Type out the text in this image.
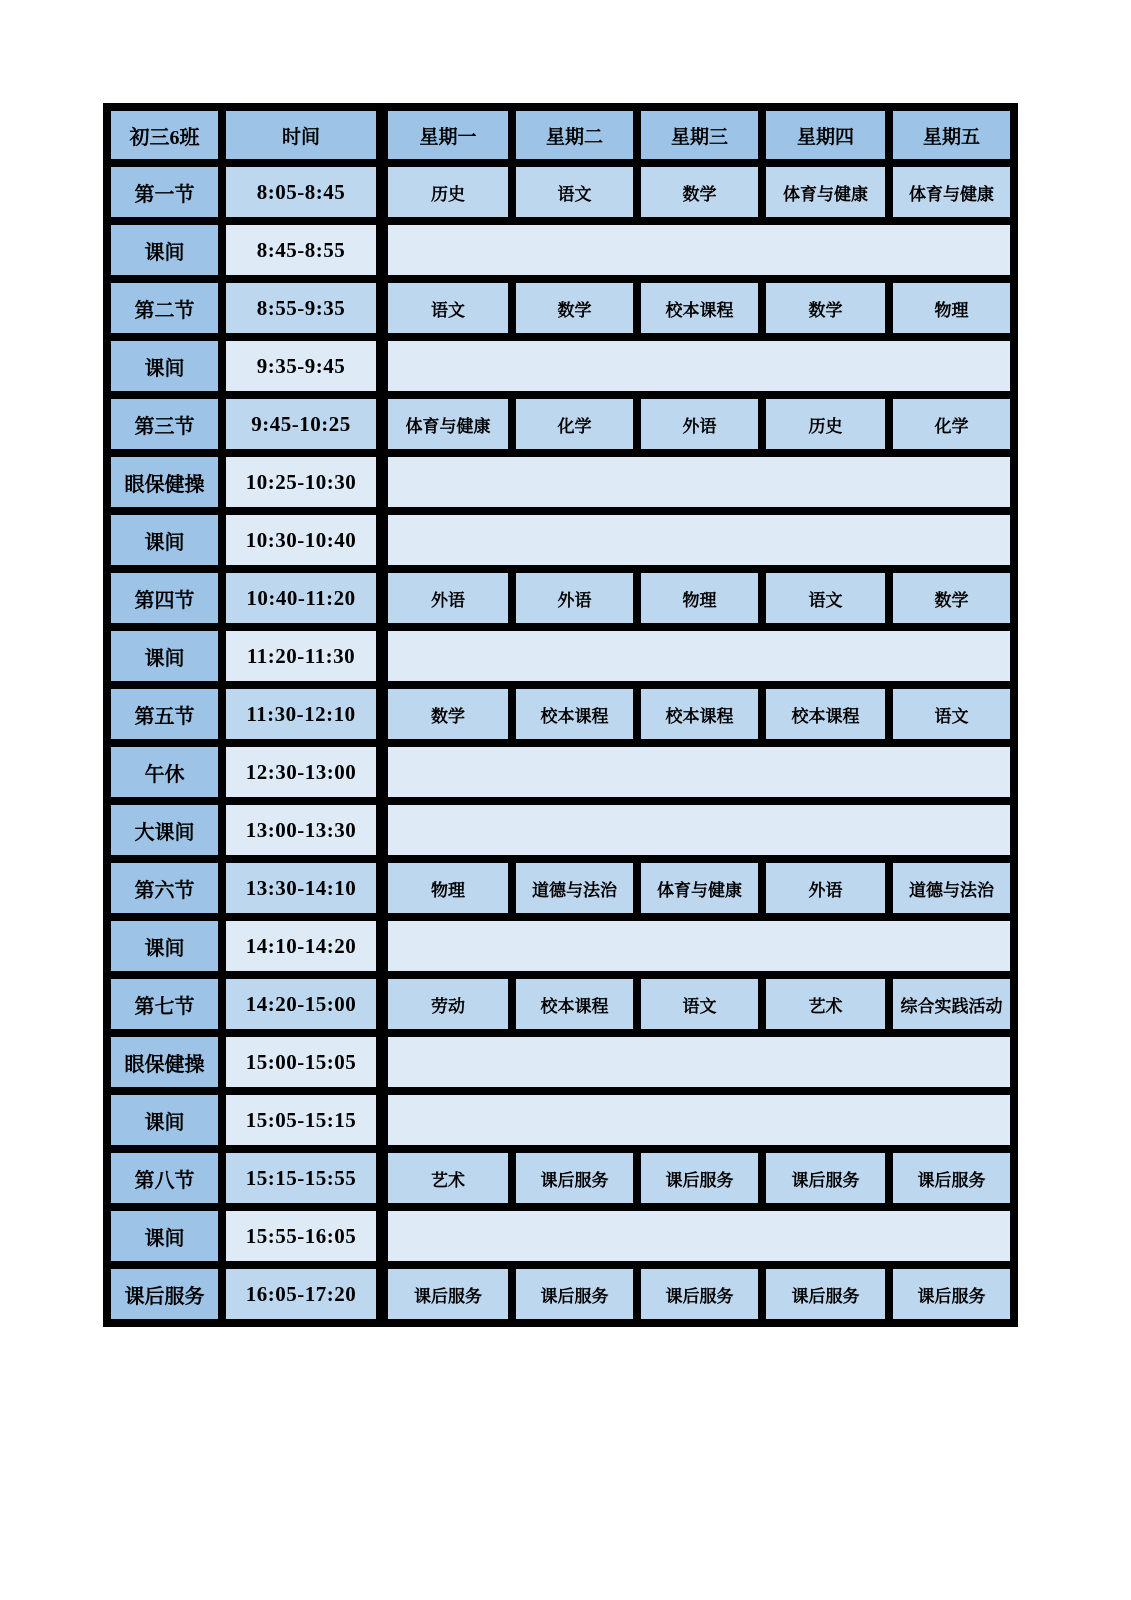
初三6班	时间	星期一	星期二	星期三	星期四	星期五
第一节	8:05-8:45	历史	语文	数学	体育与健康	体育与健康
课间	8:45-8:55					
第二节	8:55-9:35	语文	数学	校本课程	数学	物理
课间	9:35-9:45					
第三节	9:45-10:25	体育与健康	化学	外语	历史	化学
眼保健操	10:25-10:30					
课间	10:30-10:40					
第四节	10:40-11:20	外语	外语	物理	语文	数学
课间	11:20-11:30					
第五节	11:30-12:10	数学	校本课程	校本课程	校本课程	语文
午休	12:30-13:00					
大课间	13:00-13:30					
第六节	13:30-14:10	物理	道德与法治	体育与健康	外语	道德与法治
课间	14:10-14:20					
第七节	14:20-15:00	劳动	校本课程	语文	艺术	综合实践活动
眼保健操	15:00-15:05					
课间	15:05-15:15					
第八节	15:15-15:55	艺术	课后服务	课后服务	课后服务	课后服务
课间	15:55-16:05					
课后服务	16:05-17:20	课后服务	课后服务	课后服务	课后服务	课后服务
